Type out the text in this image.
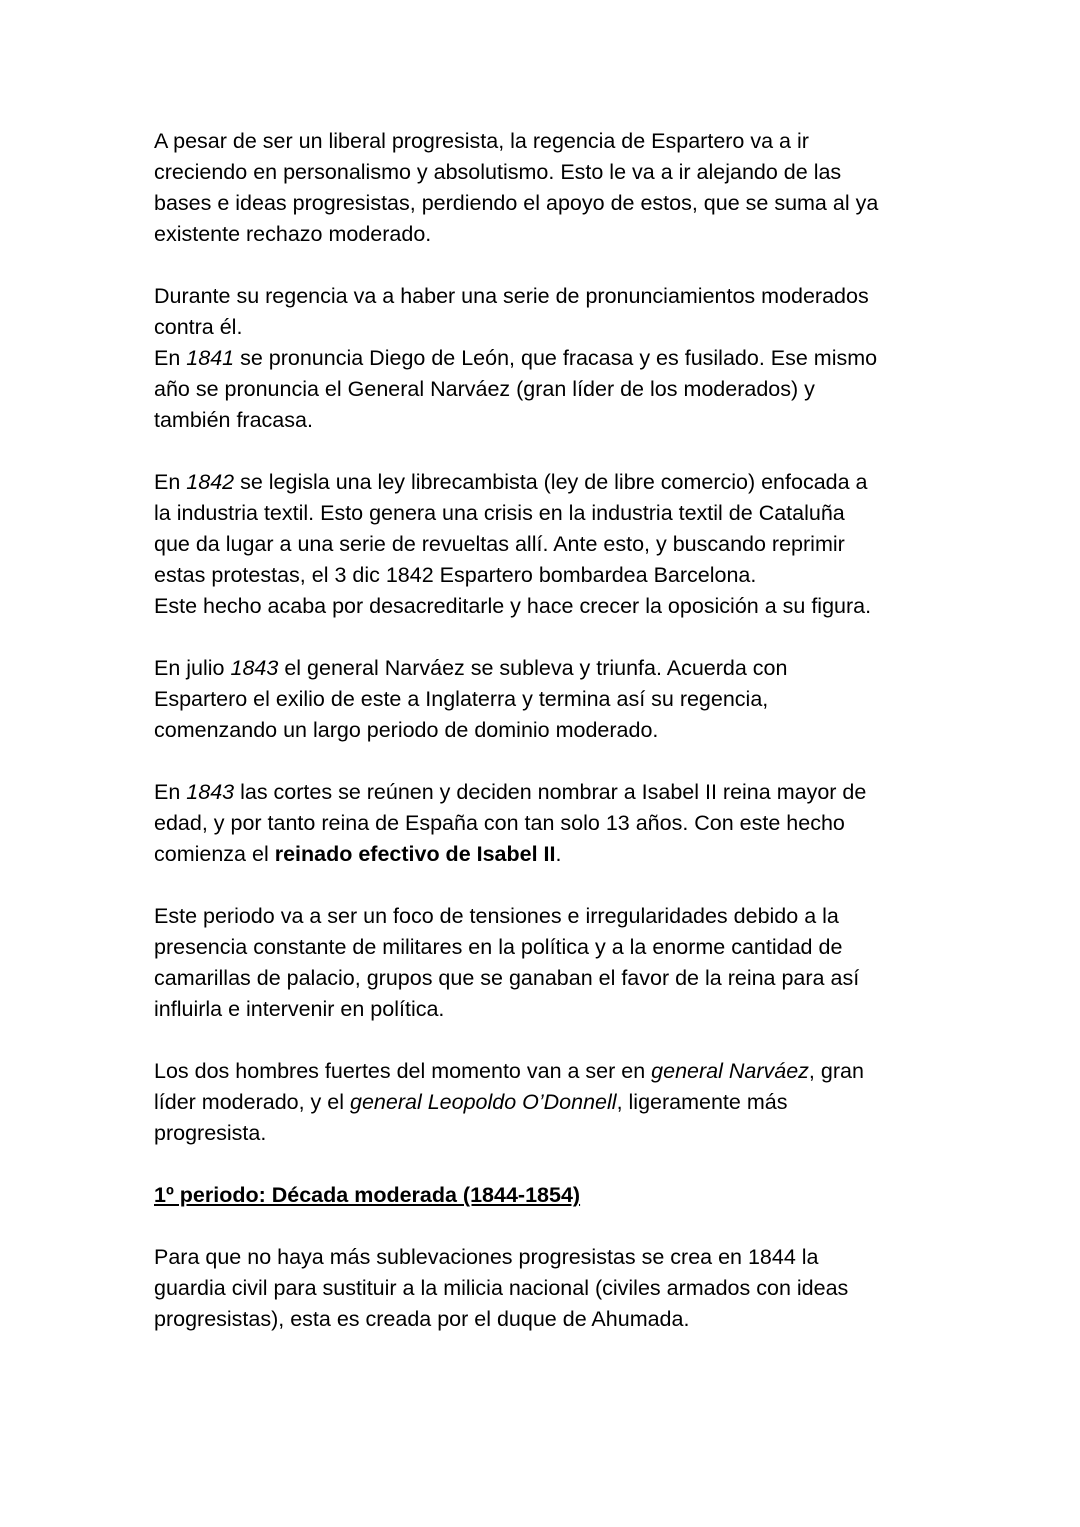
A pesar de ser un liberal progresista, la regencia de Espartero va a ir
creciendo en personalismo y absolutismo. Esto le va a ir alejando de las
bases e ideas progresistas, perdiendo el apoyo de estos, que se suma al ya
existente rechazo moderado.

Durante su regencia va a haber una serie de pronunciamientos moderados
contra él.

En 1841 se pronuncia Diego de León, que fracasa y es fusilado. Ese mismo
año se pronuncia el General Narváez (gran líder de los moderados) y
también fracasa.

En 1842 se legisla una ley librecambista (ley de libre comercio) enfocada a
la industria textil. Esto genera una crisis en la industria textil de Cataluña
que da lugar a una serie de revueltas allí. Ante esto, y buscando reprimir
estas protestas, el 3 dic 1842 Espartero bombardea Barcelona.
Este hecho acaba por desacreditarle y hace crecer la oposición a su figura.

En julio 1843 el general Narváez se subleva y triunfa. Acuerda con
Espartero el exilio de este a Inglaterra y termina así su regencia,
comenzando un largo periodo de dominio moderado.

En 1843 las cortes se reúnen y deciden nombrar a Isabel II reina mayor de
edad, y por tanto reina de España con tan solo 13 años. Con este hecho
comienza el reinado efectivo de Isabel II.

Este periodo va a ser un foco de tensiones e irregularidades debido a la
presencia constante de militares en la política y a la enorme cantidad de
camarillas de palacio, grupos que se ganaban el favor de la reina para así
influirla e intervenir en política.

Los dos hombres fuertes del momento van a ser en general Narváez, gran
líder moderado, y el general Leopoldo O’Donnell, ligeramente más
progresista.

1º periodo: Década moderada (1844-1854)

Para que no haya más sublevaciones progresistas se crea en 1844 la
guardia civil para sustituir a la milicia nacional (civiles armados con ideas
progresistas), esta es creada por el duque de Ahumada.
